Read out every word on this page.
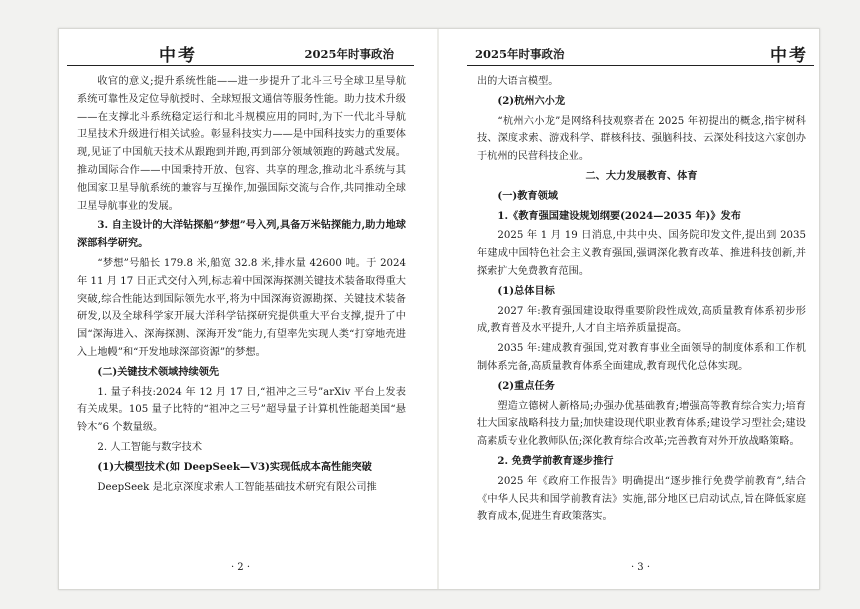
中考	2025年时事政治

收官的意义;提升系统性能——进一步提升了北斗三号全球卫星导航系统可靠性及定位导航授时、全球短报文通信等服务性能。助力技术升级——在支撑北斗系统稳定运行和北斗规模应用的同时,为下一代北斗导航卫星技术升级进行相关试验。彰显科技实力——是中国科技实力的重要体现,见证了中国航天技术从跟跑到并跑,再到部分领域领跑的跨越式发展。推动国际合作——中国秉持开放、包容、共享的理念,推动北斗系统与其他国家卫星导航系统的兼容与互操作,加强国际交流与合作,共同推动全球卫星导航事业的发展。

3. 自主设计的大洋钻探船“梦想”号入列,具备万米钻探能力,助力地球深部科学研究。

“梦想”号船长 179.8 米,船宽 32.8 米,排水量 42600 吨。于 2024 年 11 月 17 日正式交付入列,标志着中国深海探测关键技术装备取得重大突破,综合性能达到国际领先水平,将为中国深海资源勘探、关键技术装备研发,以及全球科学家开展大洋科学钻探研究提供重大平台支撑,提升了中国“深海进入、深海探测、深海开发”能力,有望率先实现人类“打穿地壳进入上地幔”和“开发地球深部资源”的梦想。

(二)关键技术领域持续领先

1. 量子科技:2024 年 12 月 17 日,“祖冲之三号”arXiv 平台上发表有关成果。105 量子比特的“祖冲之三号”超导量子计算机性能超美国“悬铃木”6 个数量级。

2. 人工智能与数字技术

(1)大模型技术(如 DeepSeek—V3)实现低成本高性能突破

DeepSeek 是北京深度求索人工智能基础技术研究有限公司推

· 2 ·
2025年时事政治	中考

出的大语言模型。

(2)杭州六小龙

“杭州六小龙”是网络科技观察者在 2025 年初提出的概念,指宇树科技、深度求索、游戏科学、群核科技、强脑科技、云深处科技这六家创办于杭州的民营科技企业。

二、大力发展教育、体育

(一)教育领域

1.《教育强国建设规划纲要(2024—2035 年)》发布

2025 年 1 月 19 日消息,中共中央、国务院印发文件,提出到 2035 年建成中国特色社会主义教育强国,强调深化教育改革、推进科技创新,并探索扩大免费教育范围。

(1)总体目标

2027 年:教育强国建设取得重要阶段性成效,高质量教育体系初步形成,教育普及水平提升,人才自主培养质量提高。

2035 年:建成教育强国,党对教育事业全面领导的制度体系和工作机制体系完备,高质量教育体系全面建成,教育现代化总体实现。

(2)重点任务

塑造立德树人新格局;办强办优基础教育;增强高等教育综合实力;培育壮大国家战略科技力量;加快建设现代职业教育体系;建设学习型社会;建设高素质专业化教师队伍;深化教育综合改革;完善教育对外开放战略策略。

2. 免费学前教育逐步推行

2025 年《政府工作报告》明确提出“逐步推行免费学前教育”,结合《中华人民共和国学前教育法》实施,部分地区已启动试点,旨在降低家庭教育成本,促进生育政策落实。

· 3 ·
